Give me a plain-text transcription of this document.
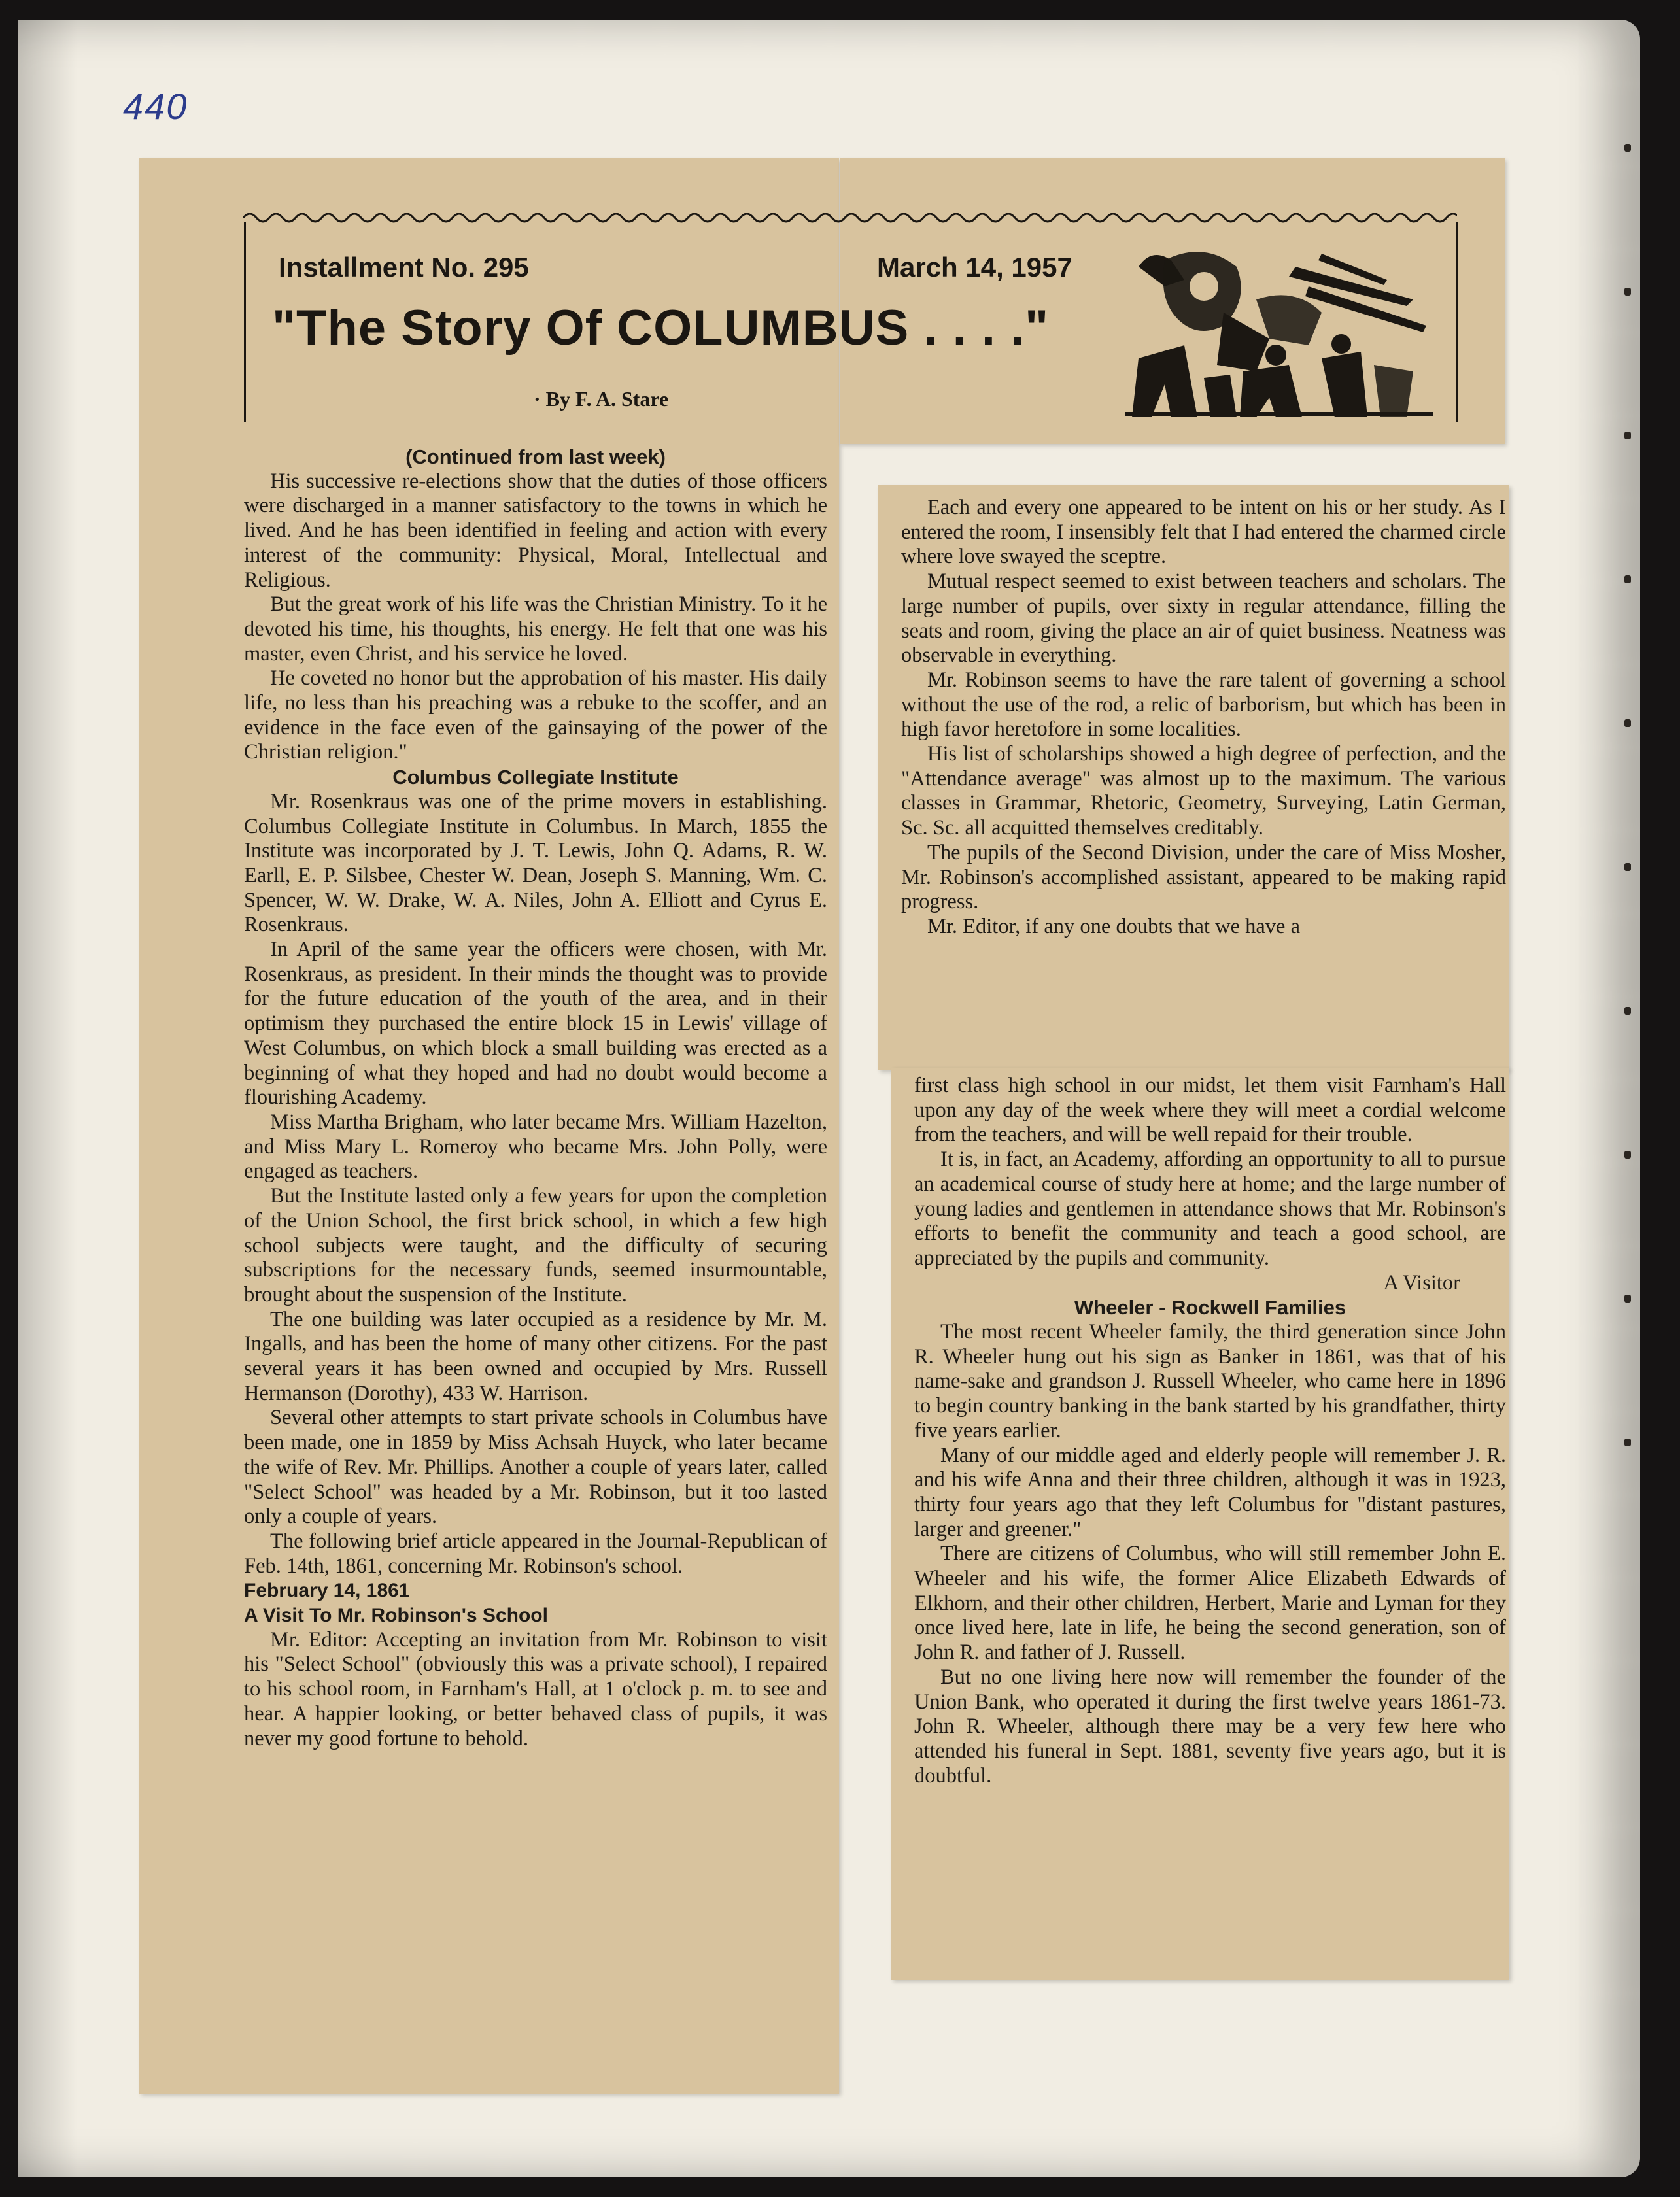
440

Installment No. 295	March 14, 1957
"The Story Of COLUMBUS . . . ."

· By F. A. Stare

(Continued from last week)

His successive re-elections show that the duties of those officers were discharged in a manner satisfactory to the towns in which he lived. And he has been identified in feeling and action with every interest of the community: Physical, Moral, Intellectual and Religious.

But the great work of his life was the Christian Ministry. To it he devoted his time, his thoughts, his energy. He felt that one was his master, even Christ, and his service he loved.

He coveted no honor but the approbation of his master. His daily life, no less than his preaching was a rebuke to the scoffer, and an evidence in the face even of the gainsaying of the power of the Christian religion."

Columbus Collegiate Institute

Mr. Rosenkraus was one of the prime movers in establishing. Columbus Collegiate Institute in Columbus. In March, 1855 the Institute was incorporated by J. T. Lewis, John Q. Adams, R. W. Earll, E. P. Silsbee, Chester W. Dean, Joseph S. Manning, Wm. C. Spencer, W. W. Drake, W. A. Niles, John A. Elliott and Cyrus E. Rosenkraus.

In April of the same year the officers were chosen, with Mr. Rosenkraus, as president. In their minds the thought was to provide for the future education of the youth of the area, and in their optimism they purchased the entire block 15 in Lewis' village of West Columbus, on which block a small building was erected as a beginning of what they hoped and had no doubt would become a flourishing Academy.

Miss Martha Brigham, who later became Mrs. William Hazelton, and Miss Mary L. Romeroy who became Mrs. John Polly, were engaged as teachers.

But the Institute lasted only a few years for upon the completion of the Union School, the first brick school, in which a few high school subjects were taught, and the difficulty of securing subscriptions for the necessary funds, seemed insurmountable, brought about the suspension of the Institute.

The one building was later occupied as a residence by Mr. M. Ingalls, and has been the home of many other citizens. For the past several years it has been owned and occupied by Mrs. Russell Hermanson (Dorothy), 433 W. Harrison.

Several other attempts to start private schools in Columbus have been made, one in 1859 by Miss Achsah Huyck, who later became the wife of Rev. Mr. Phillips. Another a couple of years later, called "Select School" was headed by a Mr. Robinson, but it too lasted only a couple of years.

The following brief article appeared in the Journal-Republican of Feb. 14th, 1861, concerning Mr. Robinson's school.

February 14, 1861
A Visit To Mr. Robinson's School

Mr. Editor: Accepting an invitation from Mr. Robinson to visit his "Select School" (obviously this was a private school), I repaired to his school room, in Farnham's Hall, at 1 o'clock p. m. to see and hear. A happier looking, or better behaved class of pupils, it was never my good fortune to behold.

Each and every one appeared to be intent on his or her study. As I entered the room, I insensibly felt that I had entered the charmed circle where love swayed the sceptre.

Mutual respect seemed to exist between teachers and scholars. The large number of pupils, over sixty in regular attendance, filling the seats and room, giving the place an air of quiet business. Neatness was observable in everything.

Mr. Robinson seems to have the rare talent of governing a school without the use of the rod, a relic of barborism, but which has been in high favor heretofore in some localities.

His list of scholarships showed a high degree of perfection, and the "Attendance average" was almost up to the maximum. The various classes in Grammar, Rhetoric, Geometry, Surveying, Latin German, Sc. Sc. all acquitted themselves creditably.

The pupils of the Second Division, under the care of Miss Mosher, Mr. Robinson's accomplished assistant, appeared to be making rapid progress.

Mr. Editor, if any one doubts that we have a

first class high school in our midst, let them visit Farnham's Hall upon any day of the week where they will meet a cordial welcome from the teachers, and will be well repaid for their trouble.

It is, in fact, an Academy, affording an opportunity to all to pursue an academical course of study here at home; and the large number of young ladies and gentlemen in attendance shows that Mr. Robinson's efforts to benefit the community and teach a good school, are appreciated by the pupils and community.

A Visitor

Wheeler - Rockwell Families

The most recent Wheeler family, the third generation since John R. Wheeler hung out his sign as Banker in 1861, was that of his name-sake and grandson J. Russell Wheeler, who came here in 1896 to begin country banking in the bank started by his grandfather, thirty five years earlier.

Many of our middle aged and elderly people will remember J. R. and his wife Anna and their three children, although it was in 1923, thirty four years ago that they left Columbus for "distant pastures, larger and greener."

There are citizens of Columbus, who will still remember John E. Wheeler and his wife, the former Alice Elizabeth Edwards of Elkhorn, and their other children, Herbert, Marie and Lyman for they once lived here, late in life, he being the second generation, son of John R. and father of J. Russell.

But no one living here now will remember the founder of the Union Bank, who operated it during the first twelve years 1861-73. John R. Wheeler, although there may be a very few here who attended his funeral in Sept. 1881, seventy five years ago, but it is doubtful.
